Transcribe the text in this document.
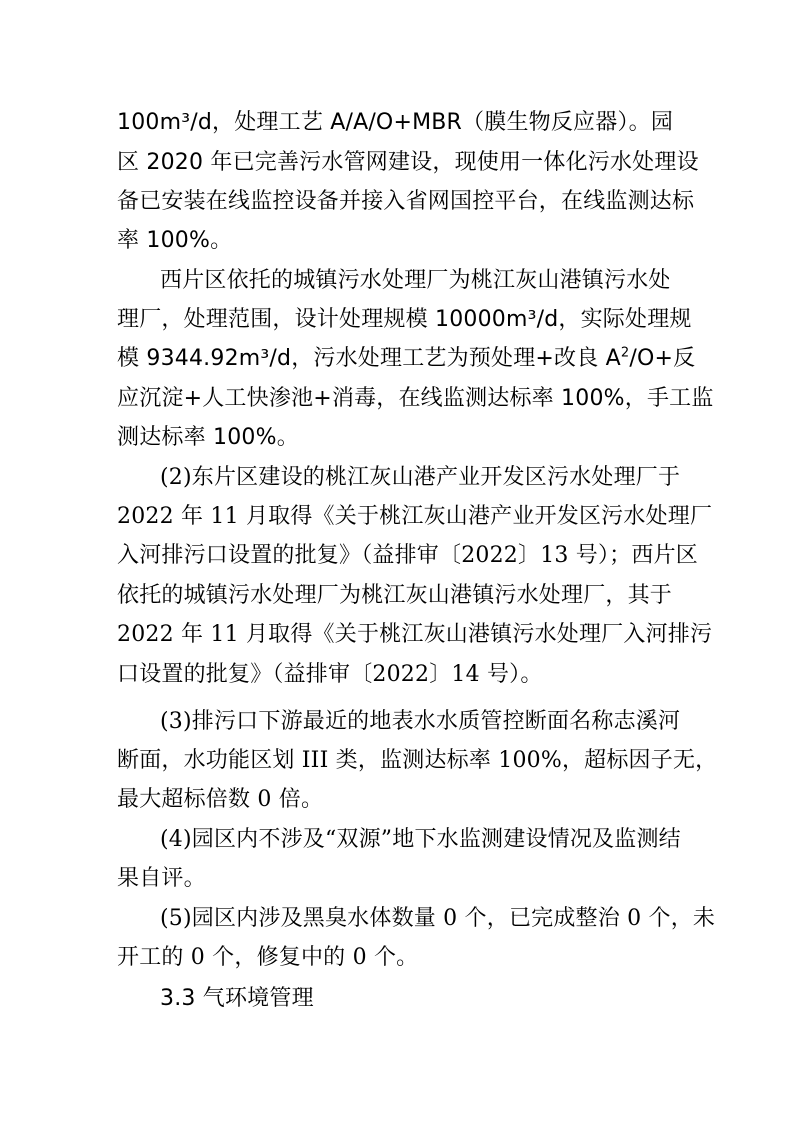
100m³/d，处理工艺 A/A/O+MBR（膜生物反应器）。园
区 2020 年已完善污水管网建设，现使用一体化污水处理设
备已安装在线监控设备并接入省网国控平台，在线监测达标
率 100%。
西片区依托的城镇污水处理厂为桃江灰山港镇污水处
理厂，处理范围，设计处理规模 10000m³/d，实际处理规
模 9344.92m³/d，污水处理工艺为预处理+改良 $A^2/O+$反
应沉淀+人工快渗池+消毒，在线监测达标率 100%，手工监
测达标率 100%。
(2)东片区建设的桃江灰山港产业开发区污水处理厂于
2022 年 11 月取得《关于桃江灰山港产业开发区污水处理厂
入河排污口设置的批复》（益排审〔2022〕13 号）；西片区
依托的城镇污水处理厂为桃江灰山港镇污水处理厂，其于
2022 年 11 月取得《关于桃江灰山港镇污水处理厂入河排污
口设置的批复》（益排审〔2022〕14 号）。
(3)排污口下游最近的地表水水质管控断面名称志溪河
断面，水功能区划 III 类，监测达标率 100%，超标因子无，
最大超标倍数 0 倍。
(4)园区内不涉及“双源”地下水监测建设情况及监测结
果自评。
(5)园区内涉及黑臭水体数量 0 个，已完成整治 0 个，未
开工的 0 个，修复中的 0 个。
3.3 气环境管理
